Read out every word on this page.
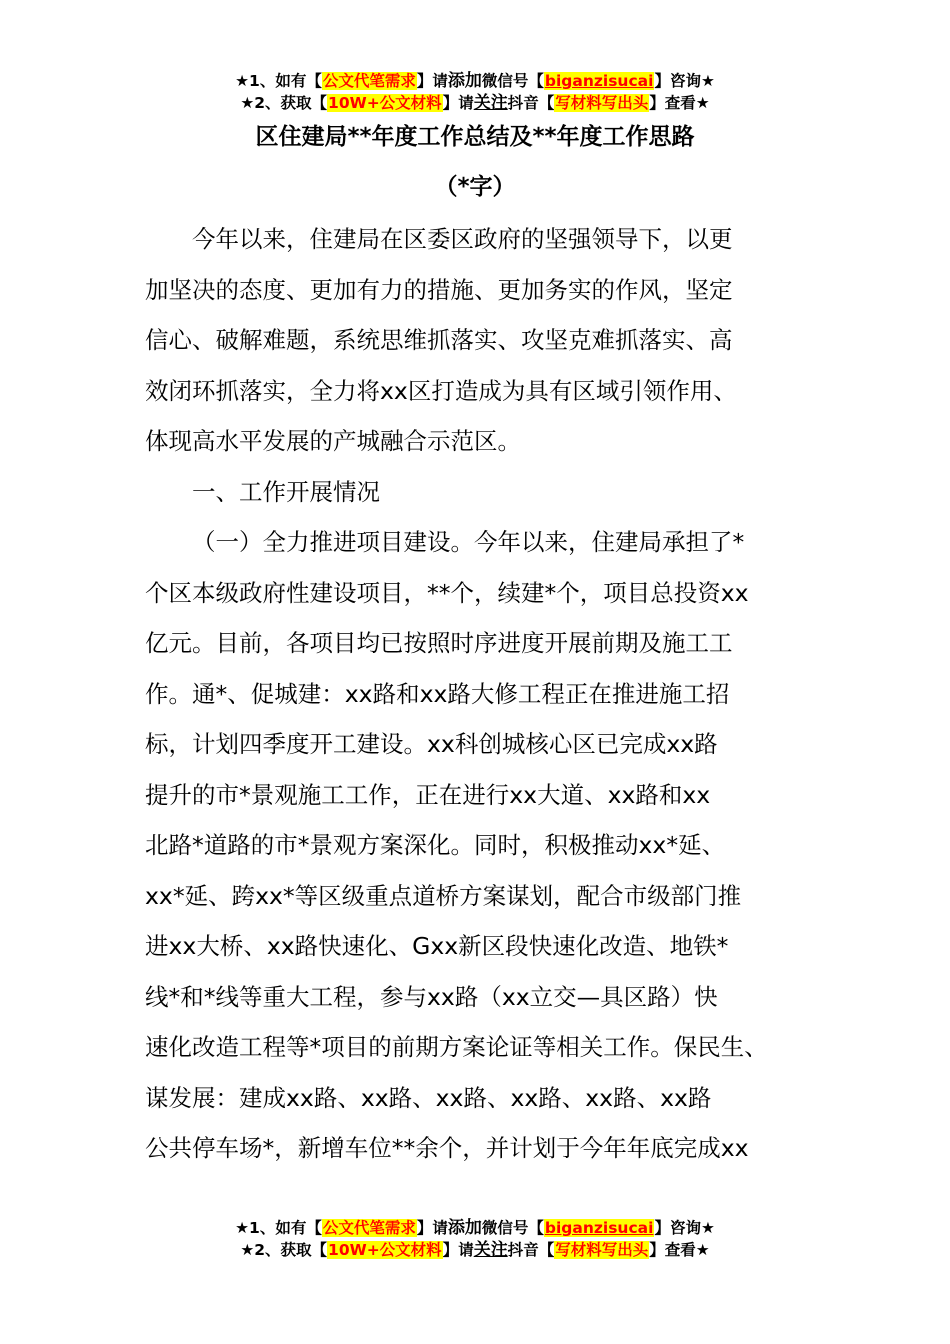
★1、如有【公文代笔需求】请添加微信号【biganzisucai】咨询★
★2、获取【10W+公文材料】请关注抖音【写材料写出头】查看★
区住建局**年度工作总结及**年度工作思路
（*字）
今年以来，住建局在区委区政府的坚强领导下，以更
加坚决的态度、更加有力的措施、更加务实的作风，坚定
信心、破解难题，系统思维抓落实、攻坚克难抓落实、高
效闭环抓落实，全力将xx区打造成为具有区域引领作用、
体现高水平发展的产城融合示范区。
一、工作开展情况
（一）全力推进项目建设。今年以来，住建局承担了*
个区本级政府性建设项目，**个，续建*个，项目总投资xx
亿元。目前，各项目均已按照时序进度开展前期及施工工
作。通*、促城建：xx路和xx路大修工程正在推进施工招
标，计划四季度开工建设。xx科创城核心区已完成xx路
提升的市*景观施工工作，正在进行xx大道、xx路和xx
北路*道路的市*景观方案深化。同时，积极推动xx*延、
xx*延、跨xx*等区级重点道桥方案谋划，配合市级部门推
进xx大桥、xx路快速化、Gxx新区段快速化改造、地铁*
线*和*线等重大工程，参与xx路（xx立交—具区路）快
速化改造工程等*项目的前期方案论证等相关工作。保民生、
谋发展：建成xx路、xx路、xx路、xx路、xx路、xx路
公共停车场*，新增车位**余个，并计划于今年年底完成xx
★1、如有【公文代笔需求】请添加微信号【biganzisucai】咨询★
★2、获取【10W+公文材料】请关注抖音【写材料写出头】查看★
